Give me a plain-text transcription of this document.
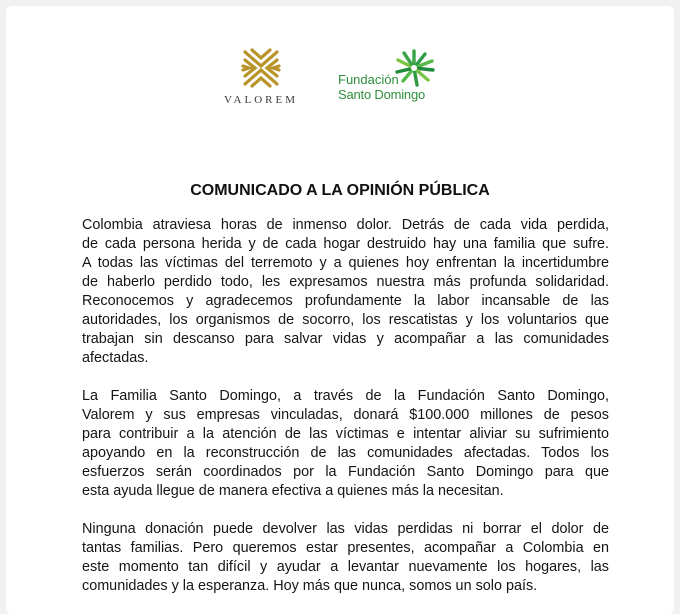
VALOREM
Fundación
Santo Domingo
COMUNICADO A LA OPINIÓN PÚBLICA
Colombia atraviesa horas de inmenso dolor. Detrás de cada vida perdida,
de cada persona herida y de cada hogar destruido hay una familia que sufre.
A todas las víctimas del terremoto y a quienes hoy enfrentan la incertidumbre
de haberlo perdido todo, les expresamos nuestra más profunda solidaridad.
Reconocemos y agradecemos profundamente la labor incansable de las
autoridades, los organismos de socorro, los rescatistas y los voluntarios que
trabajan sin descanso para salvar vidas y acompañar a las comunidades
afectadas.
La Familia Santo Domingo, a través de la Fundación Santo Domingo,
Valorem y sus empresas vinculadas, donará $100.000 millones de pesos
para contribuir a la atención de las víctimas e intentar aliviar su sufrimiento
apoyando en la reconstrucción de las comunidades afectadas. Todos los
esfuerzos serán coordinados por la Fundación Santo Domingo para que
esta ayuda llegue de manera efectiva a quienes más la necesitan.
Ninguna donación puede devolver las vidas perdidas ni borrar el dolor de
tantas familias. Pero queremos estar presentes, acompañar a Colombia en
este momento tan difícil y ayudar a levantar nuevamente los hogares, las
comunidades y la esperanza. Hoy más que nunca, somos un solo país.
